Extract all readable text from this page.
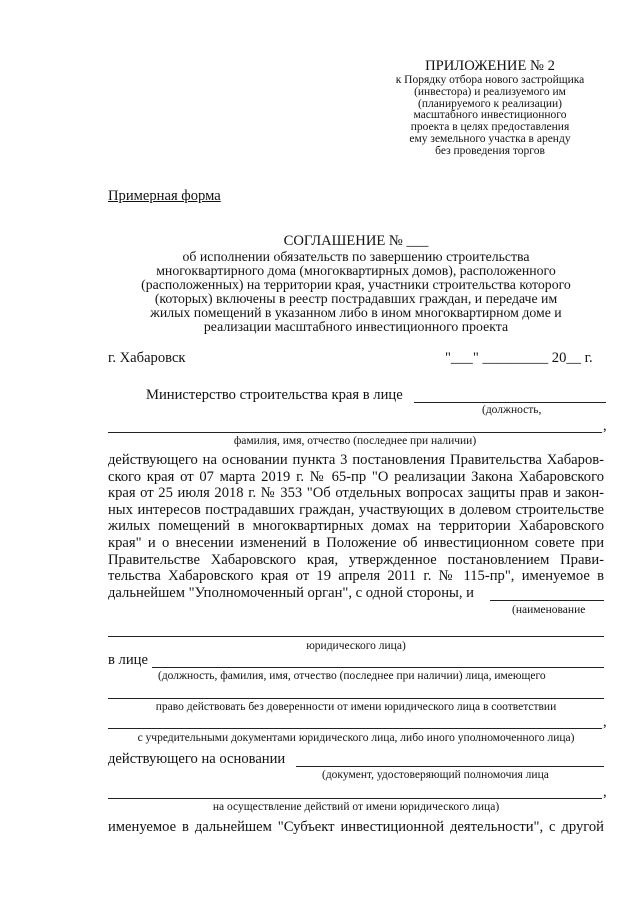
ПРИЛОЖЕНИЕ № 2
к Порядку отбора нового застройщика
(инвестора) и реализуемого им
(планируемого к реализации)
масштабного инвестиционного
проекта в целях предоставления
ему земельного участка в аренду
без проведения торгов
Примерная форма
СОГЛАШЕНИЕ № ___
об исполнении обязательств по завершению строительства
многоквартирного дома (многоквартирных домов), расположенного
(расположенных) на территории края, участники строительства которого
(которых) включены в реестр пострадавших граждан, и передаче им
жилых помещений в указанном либо в ином многоквартирном доме и
реализации масштабного инвестиционного проекта
г. Хабаровск	"___" _________ 20__ г.
Министерство строительства края в лице
(должность,
,
фамилия, имя, отчество (последнее при наличии)
действующего на основании пункта 3 постановления Правительства Хабаров-
ского края от 07 марта 2019 г. № 65-пр "О реализации Закона Хабаровского
края от 25 июля 2018 г. № 353 "Об отдельных вопросах защиты прав и закон-
ных интересов пострадавших граждан, участвующих в долевом строительстве
жилых помещений в многоквартирных домах на территории Хабаровского
края" и о внесении изменений в Положение об инвестиционном совете при
Правительстве Хабаровского края, утвержденное постановлением Прави-
тельства Хабаровского края от 19 апреля 2011 г. № 115-пр", именуемое в
дальнейшем "Уполномоченный орган", с одной стороны, и
(наименование
юридического лица)
в лице
(должность, фамилия, имя, отчество (последнее при наличии) лица, имеющего
право действовать без доверенности от имени юридического лица в соответствии
,
с учредительными документами юридического лица, либо иного уполномоченного лица)
действующего на основании
(документ, удостоверяющий полномочия лица
,
на осуществление действий от имени юридического лица)
именуемое в дальнейшем "Субъект инвестиционной деятельности", с другой
